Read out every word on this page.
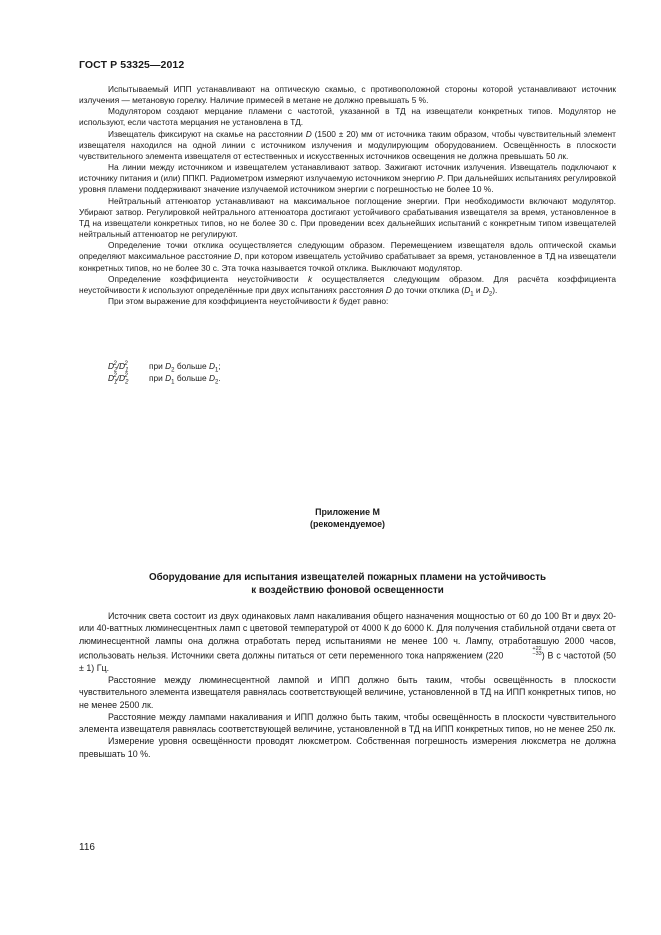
ГОСТ Р 53325—2012

Испытываемый ИПП устанавливают на оптическую скамью, с противоположной стороны которой устанавливают источник излучения — метановую горелку. Наличие примесей в метане не должно превышать 5 %.

Модулятором создают мерцание пламени с частотой, указанной в ТД на извещатели конкретных типов. Модулятор не используют, если частота мерцания не установлена в ТД.

Извещатель фиксируют на скамье на расстоянии D (1500 ± 20) мм от источника таким образом, чтобы чувствительный элемент извещателя находился на одной линии с источником излучения и модулирующим оборудованием. Освещённость в плоскости чувствительного элемента извещателя от естественных и искусственных источников освещения не должна превышать 50 лк.

На линии между источником и извещателем устанавливают затвор. Зажигают источник излучения. Извещатель подключают к источнику питания и (или) ППКП. Радиометром измеряют излучаемую источником энергию P. При дальнейших испытаниях регулировкой уровня пламени поддерживают значение излучаемой источником энергии с погрешностью не более 10 %.

Нейтральный аттенюатор устанавливают на максимальное поглощение энергии. При необходимости включают модулятор. Убирают затвор. Регулировкой нейтрального аттенюатора достигают устойчивого срабатывания извещателя за время, установленное в ТД на извещатели конкретных типов, но не более 30 с. При проведении всех дальнейших испытаний с конкретным типом извещателей нейтральный аттенюатор не регулируют.

Определение точки отклика осуществляется следующим образом. Перемещением извещателя вдоль оптической скамьи определяют максимальное расстояние D, при котором извещатель устойчиво срабатывает за время, установленное в ТД на извещатели конкретных типов, но не более 30 с. Эта точка называется точкой отклика. Выключают модулятор.

Определение коэффициента неустойчивости k осуществляется следующим образом. Для расчёта коэффициента неустойчивости k используют определённые при двух испытаниях расстояния D до точки отклика ($D_1$ и $D_2$).

При этом выражение для коэффициента неустойчивости k будет равно:

$D_2^2/D_1^2$	при $D_2$ больше $D_1$;
$D_1^2/D_2^2$	при $D_1$ больше $D_2$.
Приложение М
(рекомендуемое)
Оборудование для испытания извещателей пожарных пламени на устойчивость
к воздействию фоновой освещенности

Источник света состоит из двух одинаковых ламп накаливания общего назначения мощностью от 60 до 100 Вт и двух 20- или 40-ваттных люминесцентных ламп с цветовой температурой от 4000 К до 6000 К. Для получения стабильной отдачи света от люминесцентной лампы она должна отработать перед испытаниями не менее 100 ч. Лампу, отработавшую 2000 часов, использовать нельзя. Источники света должны питаться от сети переменного тока напряжением (220
+22
−33 ) В с частотой (50 ± 1) Гц.

Расстояние между люминесцентной лампой и ИПП должно быть таким, чтобы освещённость в плоскости чувствительного элемента извещателя равнялась соответствующей величине, установленной в ТД на ИПП конкретных типов, но не менее 2500 лк.

Расстояние между лампами накаливания и ИПП должно быть таким, чтобы освещённость в плоскости чувствительного элемента извещателя равнялась соответствующей величине, установленной в ТД на ИПП конкретных типов, но не менее 250 лк.

Измерение уровня освещённости проводят люксметром. Собственная погрешность измерения люксметра не должна превышать 10 %.

116
